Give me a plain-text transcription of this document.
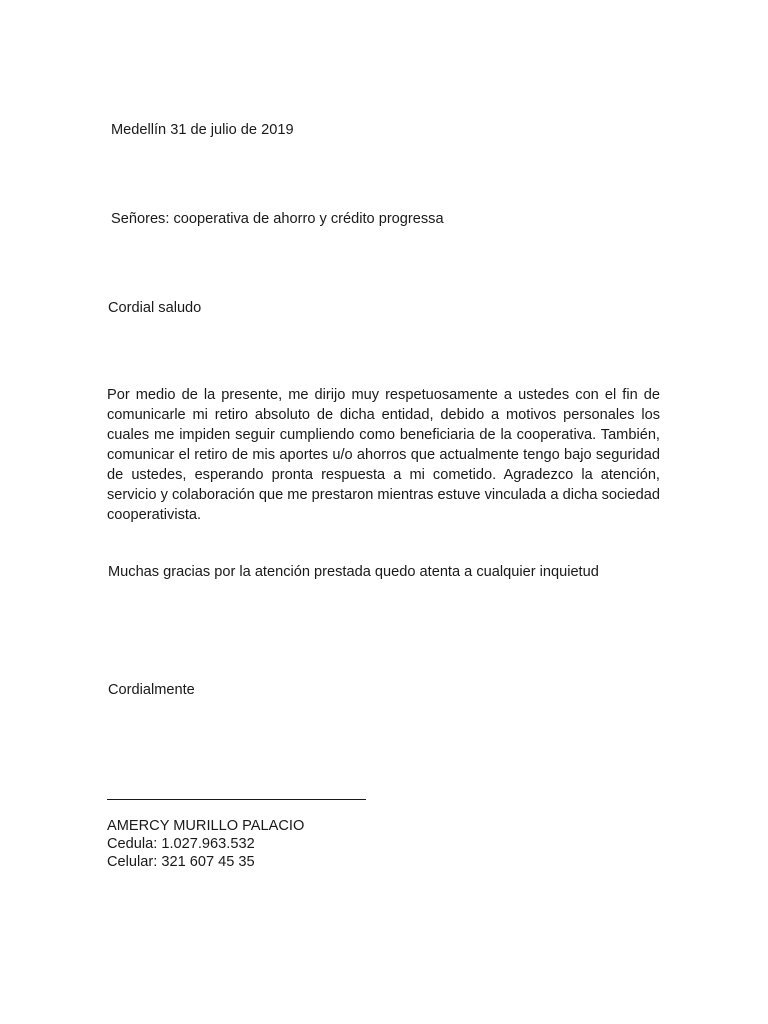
Medellín 31 de julio de 2019
Señores: cooperativa de ahorro y crédito progressa
Cordial saludo
Por medio de la presente, me dirijo muy respetuosamente a ustedes con el fin de comunicarle mi retiro absoluto de dicha entidad, debido a motivos personales los cuales me impiden seguir cumpliendo como beneficiaria de la cooperativa. También, comunicar el retiro de mis aportes u/o ahorros que actualmente tengo bajo seguridad de ustedes, esperando pronta respuesta a mi cometido. Agradezco la atención, servicio y colaboración que me prestaron mientras estuve vinculada a dicha sociedad cooperativista.
Muchas gracias por la atención prestada quedo atenta a cualquier inquietud
Cordialmente
AMERCY MURILLO PALACIO
Cedula: 1.027.963.532
Celular: 321 607 45 35
